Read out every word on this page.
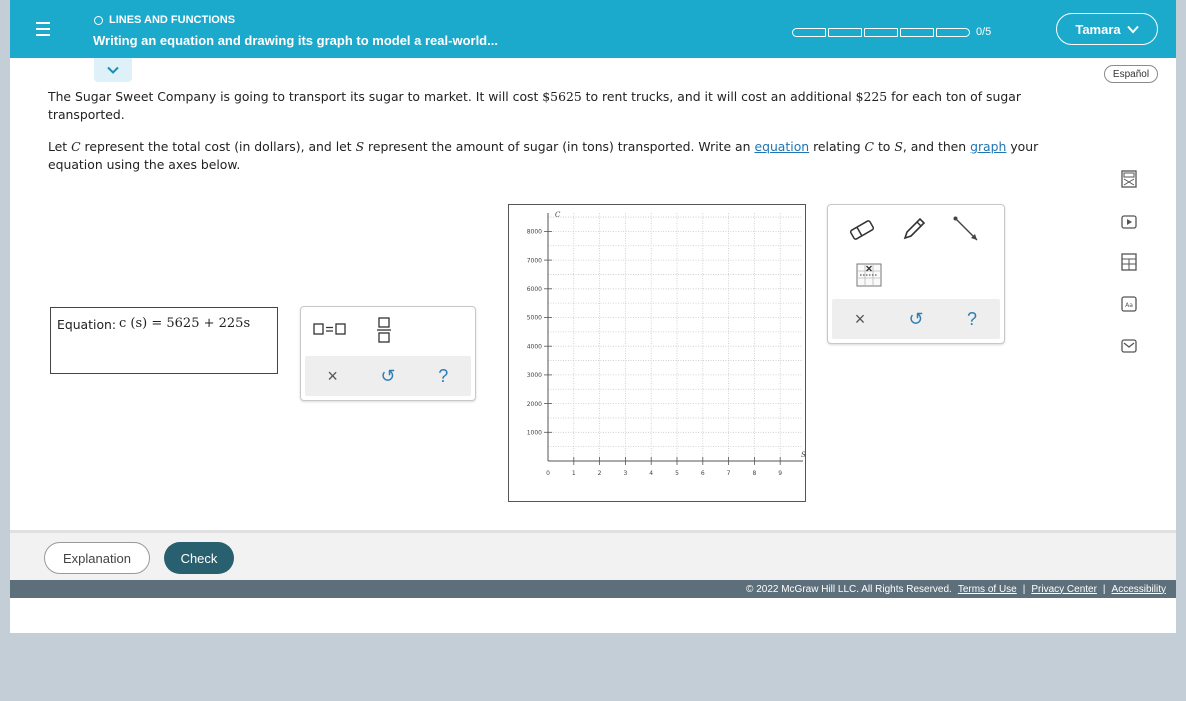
LINES AND FUNCTIONS
Writing an equation and drawing its graph to model a real-world...
0/5	Tamara
Español
The Sugar Sweet Company is going to transport its sugar to market. It will cost $5625 to rent trucks, and it will cost an additional $225 for each ton of sugar
transported.
Let C represent the total cost (in dollars), and let S represent the amount of sugar (in tons) transported. Write an equation relating C to S, and then graph your
equation using the axes below.
Equation: c (s) = 5625 + 225s
×	↺	?
1	2	3	4	5	6	7	8	9
1000
2000
3000
4000
5000
6000
7000
8000
0
C
S
×	↺	?
Aa
Explanation	Check
© 2022 McGraw Hill LLC. All Rights Reserved. Terms of Use | Privacy Center | Accessibility
